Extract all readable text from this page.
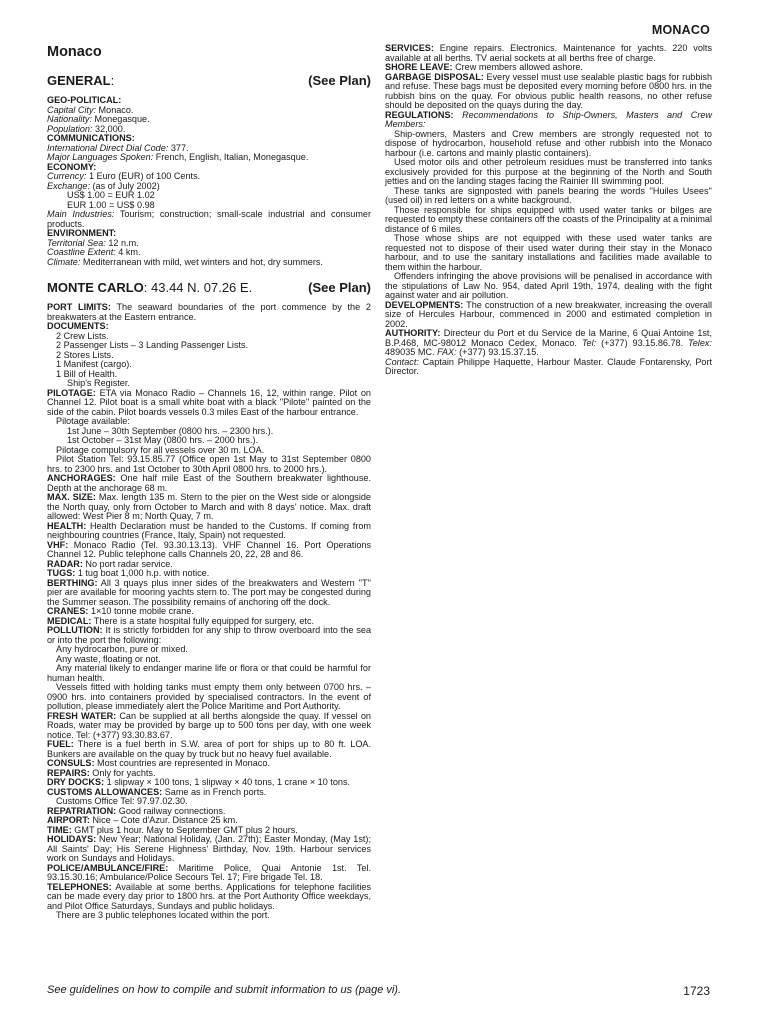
MONACO
Monaco
GENERAL:	(See Plan)

GEO-POLITICAL:

Capital City: Monaco.

Nationality: Monegasque.

Population: 32,000.

COMMUNICATIONS:

International Direct Dial Code: 377.

Major Languages Spoken: French, English, Italian, Monegasque.

ECONOMY:

Currency: 1 Euro (EUR) of 100 Cents.

Exchange: (as of July 2002)

US$ 1.00 = EUR 1.02

EUR 1.00 = US$ 0.98

Main Industries: Tourism; construction; small-scale industrial and consumer products.

ENVIRONMENT:

Territorial Sea: 12 n.m.

Coastline Extent: 4 km.

Climate: Mediterranean with mild, wet winters and hot, dry summers.

MONTE CARLO: 43.44 N. 07.26 E.	(See Plan)

PORT LIMITS: The seaward boundaries of the port commence by the 2 breakwaters at the Eastern entrance.

DOCUMENTS:

2 Crew Lists.

2 Passenger Lists – 3 Landing Passenger Lists.

2 Stores Lists.

1 Manifest (cargo).

1 Bill of Health.

Ship's Register.

PILOTAGE: ETA via Monaco Radio – Channels 16, 12, within range. Pilot on Channel 12. Pilot boat is a small white boat with a black ''Pilote'' painted on the side of the cabin. Pilot boards vessels 0.3 miles East of the harbour entrance.

Pilotage available:

1st June – 30th September (0800 hrs. – 2300 hrs.).

1st October – 31st May (0800 hrs. – 2000 hrs.).

Pilotage compulsory for all vessels over 30 m. LOA.

Pilot Station Tel: 93.15.85.77 (Office open 1st May to 31st September 0800 hrs. to 2300 hrs. and 1st October to 30th April 0800 hrs. to 2000 hrs.).

ANCHORAGES: One half mile East of the Southern breakwater lighthouse. Depth at the anchorage 68 m.

MAX. SIZE: Max. length 135 m. Stern to the pier on the West side or alongside the North quay, only from October to March and with 8 days' notice. Max. draft allowed: West Pier 8 m; North Quay, 7 m.

HEALTH: Health Declaration must be handed to the Customs. If coming from neighbouring countries (France, Italy, Spain) not requested.

VHF: Monaco Radio (Tel. 93.30.13.13). VHF Channel 16. Port Operations Channel 12. Public telephone calls Channels 20, 22, 28 and 86.

RADAR: No port radar service.

TUGS: 1 tug boat 1,000 h.p. with notice.

BERTHING: All 3 quays plus inner sides of the breakwaters and Western ''T'' pier are available for mooring yachts stern to. The port may be congested during the Summer season. The possibility remains of anchoring off the dock.

CRANES: 1×10 tonne mobile crane.

MEDICAL: There is a state hospital fully equipped for surgery, etc.

POLLUTION: It is strictly forbidden for any ship to throw overboard into the sea or into the port the following:

Any hydrocarbon, pure or mixed.

Any waste, floating or not.

Any material likely to endanger marine life or flora or that could be harmful for human health.

Vessels fitted with holding tanks must empty them only between 0700 hrs. – 0900 hrs. into containers provided by specialised contractors. In the event of pollution, please immediately alert the Police Maritime and Port Authority.

FRESH WATER: Can be supplied at all berths alongside the quay. If vessel on Roads, water may be provided by barge up to 500 tons per day, with one week notice. Tel: (+377) 93.30.83.67.

FUEL: There is a fuel berth in S.W. area of port for ships up to 80 ft. LOA. Bunkers are available on the quay by truck but no heavy fuel available.

CONSULS: Most countries are represented in Monaco.

REPAIRS: Only for yachts.

DRY DOCKS: 1 slipway × 100 tons, 1 slipway × 40 tons, 1 crane × 10 tons.

CUSTOMS ALLOWANCES: Same as in French ports.

Customs Office Tel: 97.97.02.30.

REPATRIATION: Good railway connections.

AIRPORT: Nice – Cote d'Azur. Distance 25 km.

TIME: GMT plus 1 hour. May to September GMT plus 2 hours.

HOLIDAYS: New Year; National Holiday, (Jan. 27th); Easter Monday, (May 1st); All Saints' Day; His Serene Highness' Birthday, Nov. 19th. Harbour services work on Sundays and Holidays.

POLICE/AMBULANCE/FIRE: Maritime Police, Quai Antonie 1st. Tel. 93.15.30.16; Ambulance/Police Secours Tel. 17; Fire brigade Tel. 18.

TELEPHONES: Available at some berths. Applications for telephone facilities can be made every day prior to 1800 hrs. at the Port Authority Office weekdays, and Pilot Office Saturdays, Sundays and public holidays.

There are 3 public telephones located within the port.

SERVICES: Engine repairs. Electronics. Maintenance for yachts. 220 volts available at all berths. TV aerial sockets at all berths free of charge.

SHORE LEAVE: Crew members allowed ashore.

GARBAGE DISPOSAL: Every vessel must use sealable plastic bags for rubbish and refuse. These bags must be deposited every morning before 0800 hrs. in the rubbish bins on the quay. For obvious public health reasons, no other refuse should be deposited on the quays during the day.

REGULATIONS: Recommendations to Ship-Owners, Masters and Crew Members:

Ship-owners, Masters and Crew members are strongly requested not to dispose of hydrocarbon, household refuse and other rubbish into the Monaco harbour (i.e. cartons and mainly plastic containers).

Used motor oils and other petroleum residues must be transferred into tanks exclusively provided for this purpose at the beginning of the North and South jetties and on the landing stages facing the Rainier III swimming pool.

These tanks are signposted with panels bearing the words ''Huiles Usees'' (used oil) in red letters on a white background.

Those responsible for ships equipped with used water tanks or bilges are requested to empty these containers off the coasts of the Principality at a minimal distance of 6 miles.

Those whose ships are not equipped with these used water tanks are requested not to dispose of their used water during their stay in the Monaco harbour, and to use the sanitary installations and facilities made available to them within the harbour.

Offenders infringing the above provisions will be penalised in accordance with the stipulations of Law No. 954, dated April 19th, 1974, dealing with the fight against water and air pollution.

DEVELOPMENTS: The construction of a new breakwater, increasing the overall size of Hercules Harbour, commenced in 2000 and estimated completion in 2002.

AUTHORITY: Directeur du Port et du Service de la Marine, 6 Quai Antoine 1st, B.P.468, MC-98012 Monaco Cedex, Monaco. Tel: (+377) 93.15.86.78. Telex: 489035 MC. FAX: (+377) 93.15.37.15.

Contact: Captain Philippe Haquette, Harbour Master. Claude Fontarensky, Port Director.

See guidelines on how to compile and submit information to us (page vi).	1723
